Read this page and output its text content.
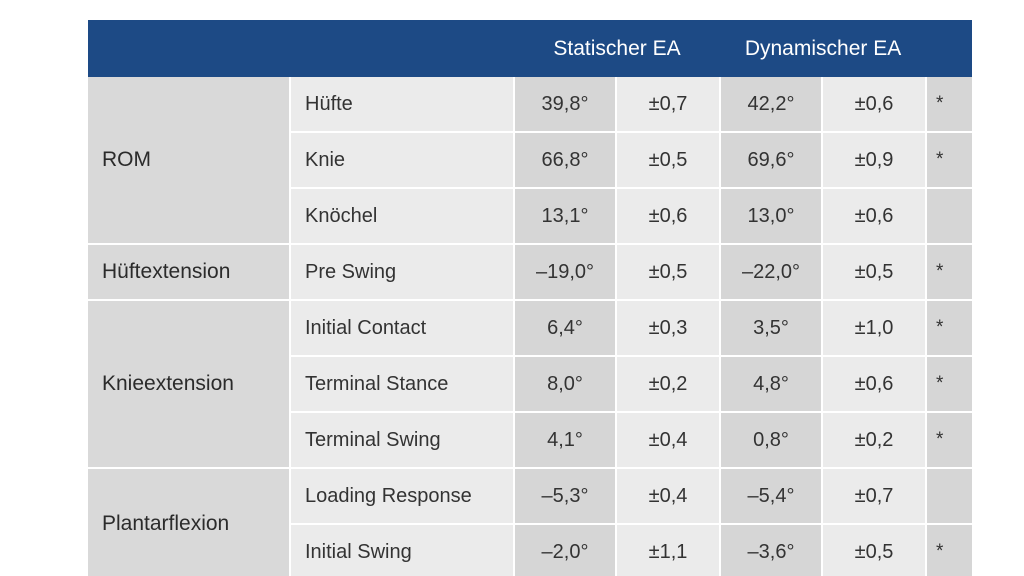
		Statischer EA		Dynamischer EA		
ROM	Hüfte	39,8°	±0,7	42,2°	±0,6	*
	Knie	66,8°	±0,5	69,6°	±0,9	*
	Knöchel	13,1°	±0,6	13,0°	±0,6	
Hüftextension	Pre Swing	–19,0°	±0,5	–22,0°	±0,5	*
Knieextension	Initial Contact	6,4°	±0,3	3,5°	±1,0	*
	Terminal Stance	8,0°	±0,2	4,8°	±0,6	*
	Terminal Swing	4,1°	±0,4	0,8°	±0,2	*
Plantarflexion	Loading Response	–5,3°	±0,4	–5,4°	±0,7	
	Initial Swing	–2,0°	±1,1	–3,6°	±0,5	*
